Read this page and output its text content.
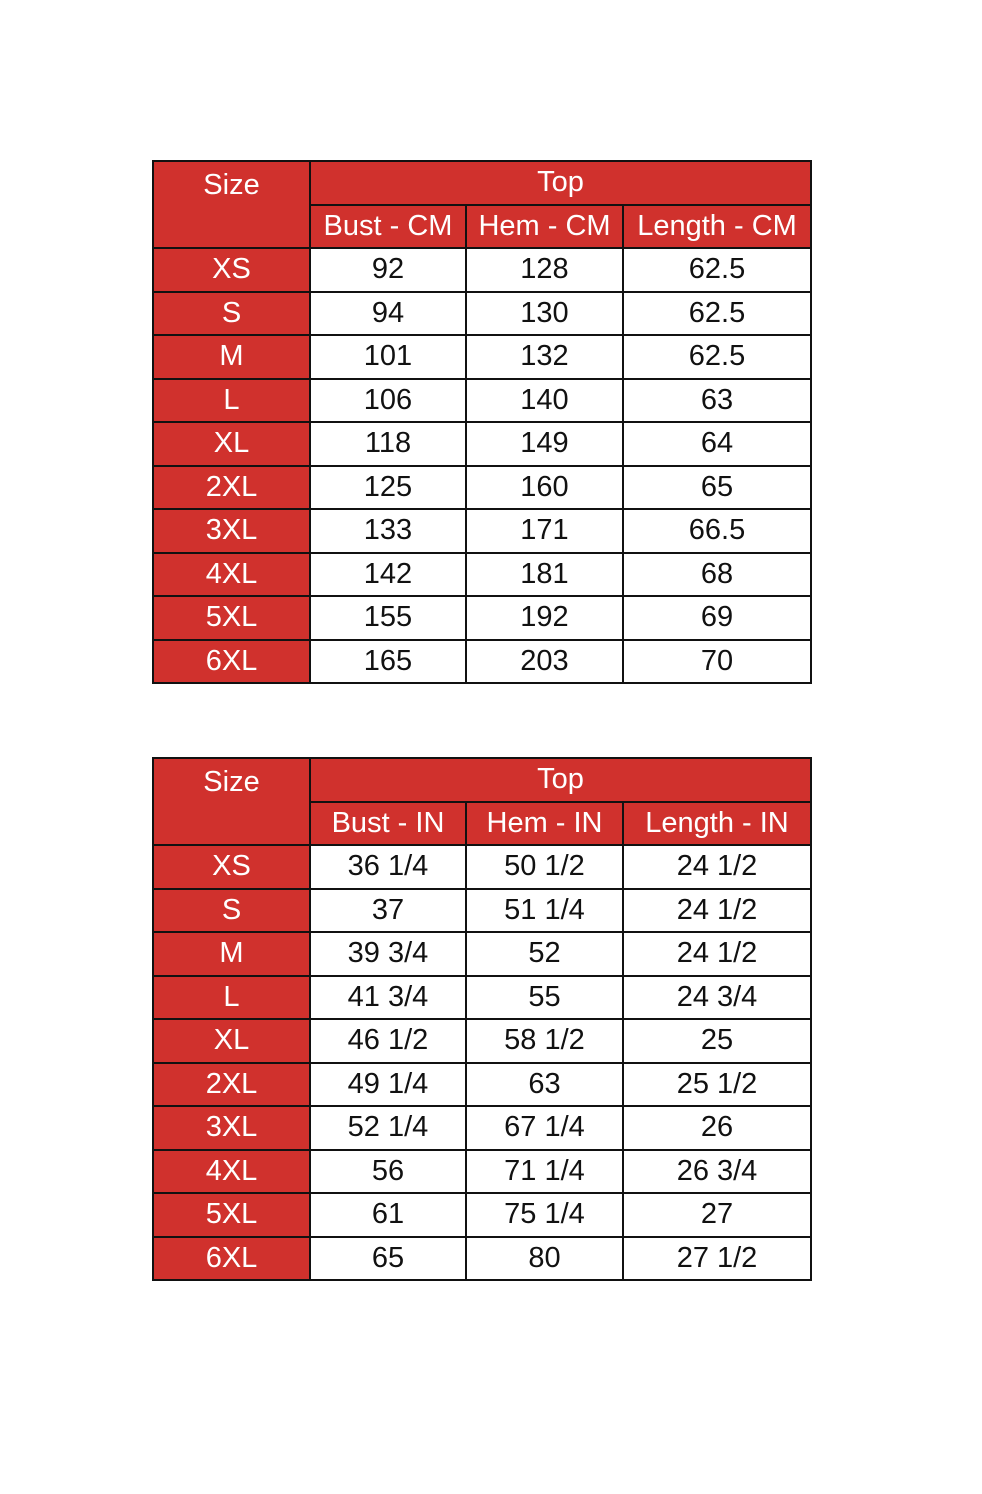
Size	Top		
	Bust - CM	Hem - CM	Length - CM
XS	92	128	62.5
S	94	130	62.5
M	101	132	62.5
L	106	140	63
XL	118	149	64
2XL	125	160	65
3XL	133	171	66.5
4XL	142	181	68
5XL	155	192	69
6XL	165	203	70
Size	Top		
	Bust - IN	Hem - IN	Length - IN
XS	36 1/4	50 1/2	24 1/2
S	37	51 1/4	24 1/2
M	39 3/4	52	24 1/2
L	41 3/4	55	24 3/4
XL	46 1/2	58 1/2	25
2XL	49 1/4	63	25 1/2
3XL	52 1/4	67 1/4	26
4XL	56	71 1/4	26 3/4
5XL	61	75 1/4	27
6XL	65	80	27 1/2
